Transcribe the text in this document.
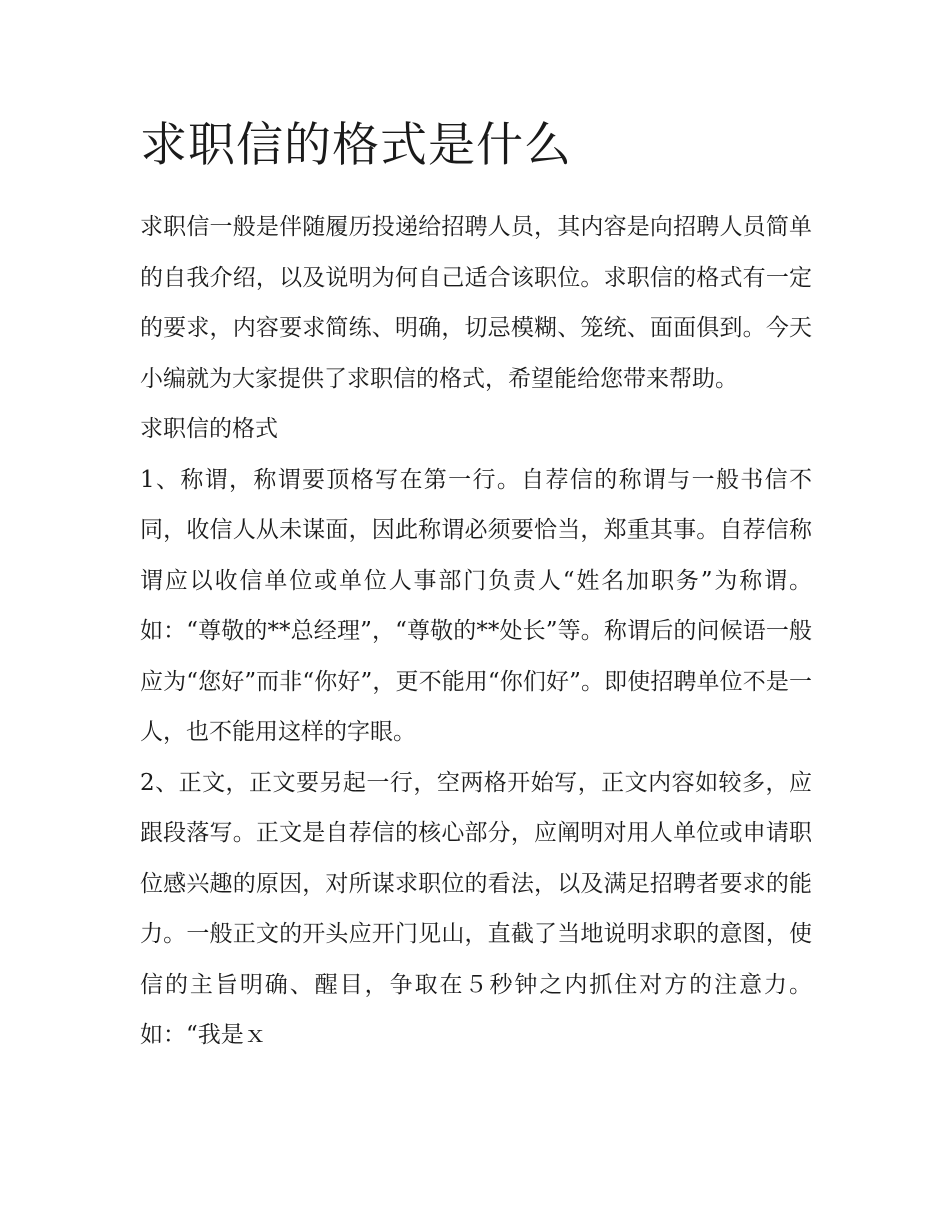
求职信的格式是什么

求职信一般是伴随履历投递给招聘人员，其内容是向招聘人员简单的自我介绍，以及说明为何自己适合该职位。求职信的格式有一定的要求，内容要求简练、明确，切忌模糊、笼统、面面俱到。今天小编就为大家提供了求职信的格式，希望能给您带来帮助。

求职信的格式

1、称谓，称谓要顶格写在第一行。自荐信的称谓与一般书信不同，收信人从未谋面，因此称谓必须要恰当，郑重其事。自荐信称谓应以收信单位或单位人事部门负责人“姓名加职务”为称谓。如：“尊敬的**总经理”，“尊敬的**处长”等。称谓后的问候语一般应为“您好”而非“你好”，更不能用“你们好”。即使招聘单位不是一人，也不能用这样的字眼。

2、正文，正文要另起一行，空两格开始写，正文内容如较多，应跟段落写。正文是自荐信的核心部分，应阐明对用人单位或申请职位感兴趣的原因，对所谋求职位的看法，以及满足招聘者要求的能力。一般正文的开头应开门见山，直截了当地说明求职的意图，使信的主旨明确、醒目，争取在５秒钟之内抓住对方的注意力。如：“我是ｘ
